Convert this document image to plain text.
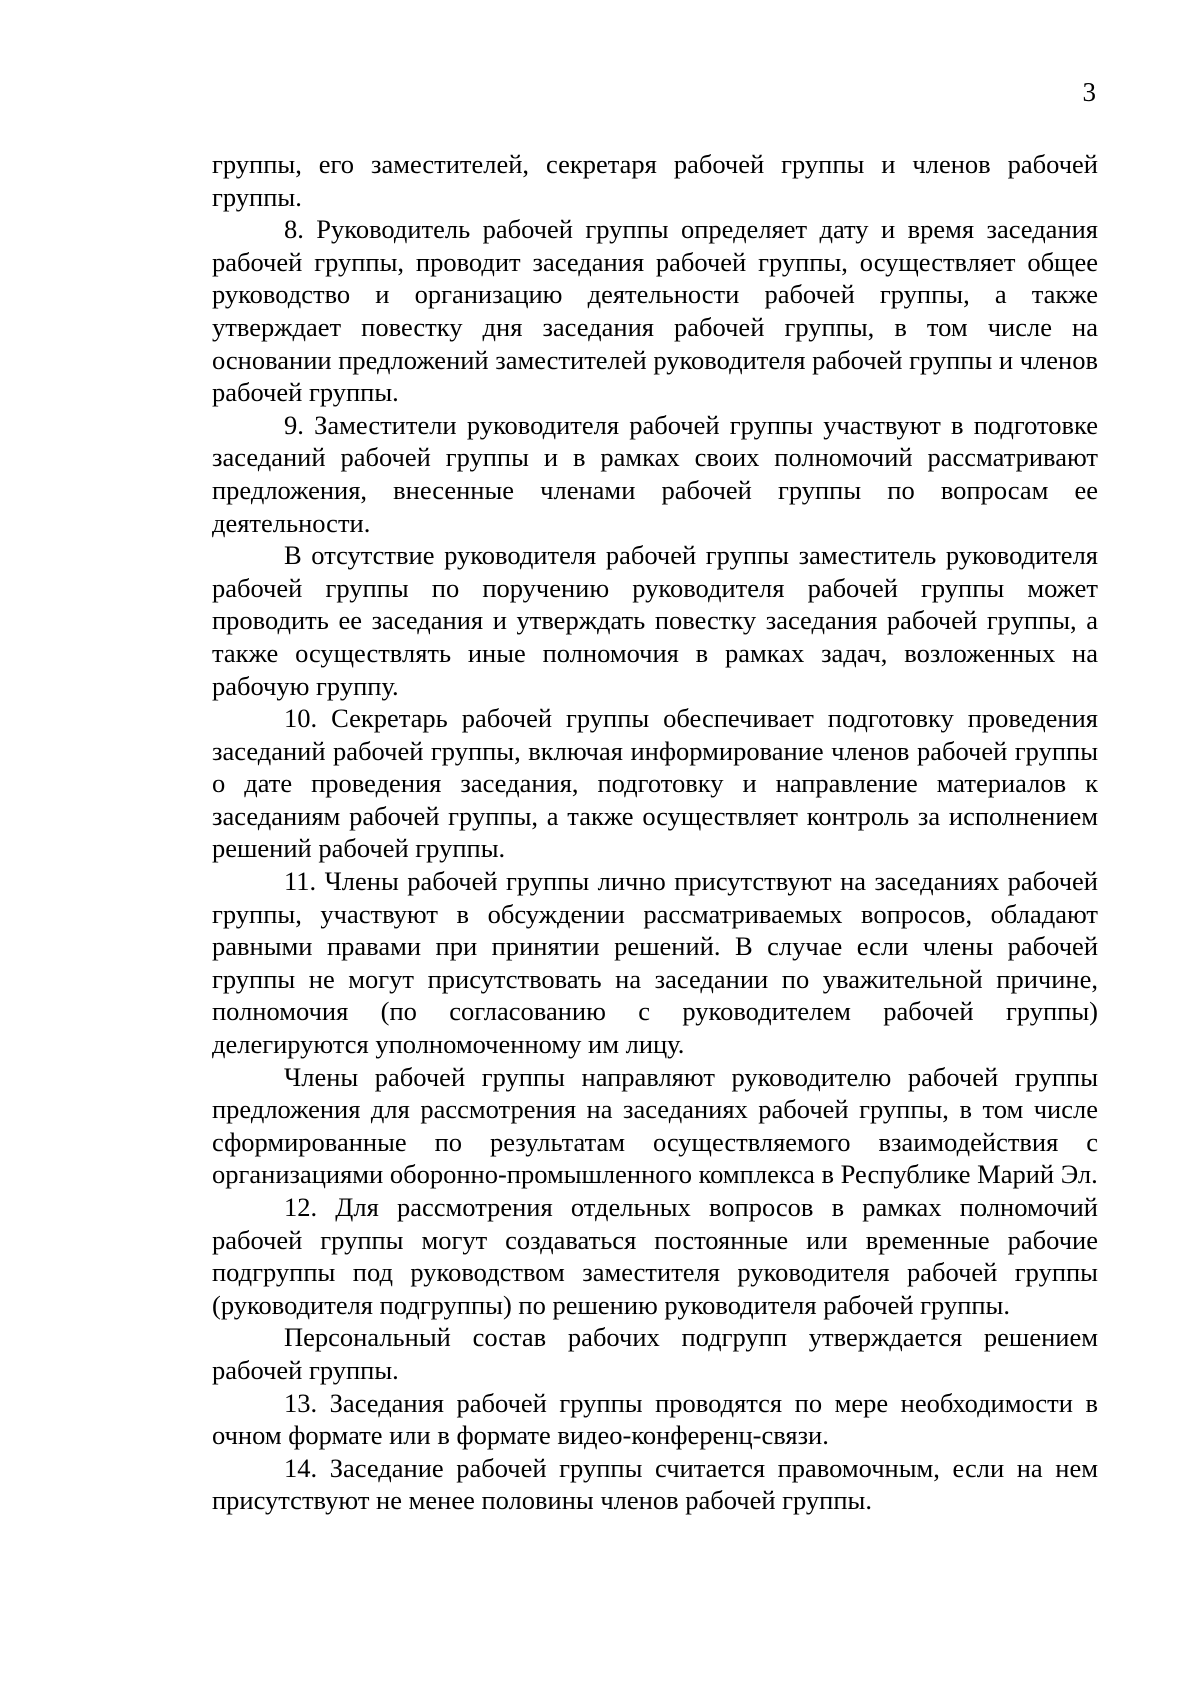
3

группы, его заместителей, секретаря рабочей группы и членов рабочей группы.

8. Руководитель рабочей группы определяет дату и время заседания рабочей группы, проводит заседания рабочей группы, осуществляет общее руководство и организацию деятельности рабочей группы, а также утверждает повестку дня заседания рабочей группы, в том числе на основании предложений заместителей руководителя рабочей группы и членов рабочей группы.

9. Заместители руководителя рабочей группы участвуют в подготовке заседаний рабочей группы и в рамках своих полномочий рассматривают предложения, внесенные членами рабочей группы по вопросам ее деятельности.

В отсутствие руководителя рабочей группы заместитель руководителя рабочей группы по поручению руководителя рабочей группы может проводить ее заседания и утверждать повестку заседания рабочей группы, а также осуществлять иные полномочия в рамках задач, возложенных на рабочую группу.

10. Секретарь рабочей группы обеспечивает подготовку проведения заседаний рабочей группы, включая информирование членов рабочей группы о дате проведения заседания, подготовку и направление материалов к заседаниям рабочей группы, а также осуществляет контроль за исполнением решений рабочей группы.

11. Члены рабочей группы лично присутствуют на заседаниях рабочей группы, участвуют в обсуждении рассматриваемых вопросов, обладают равными правами при принятии решений. В случае если члены рабочей группы не могут присутствовать на заседании по уважительной причине, полномочия (по согласованию с руководителем рабочей группы) делегируются уполномоченному им лицу.

Члены рабочей группы направляют руководителю рабочей группы предложения для рассмотрения на заседаниях рабочей группы, в том числе сформированные по результатам осуществляемого взаимодействия с организациями оборонно-промышленного комплекса в Республике Марий Эл.

12. Для рассмотрения отдельных вопросов в рамках полномочий рабочей группы могут создаваться постоянные или временные рабочие подгруппы под руководством заместителя руководителя рабочей группы (руководителя подгруппы) по решению руководителя рабочей группы.

Персональный состав рабочих подгрупп утверждается решением рабочей группы.

13. Заседания рабочей группы проводятся по мере необходимости в очном формате или в формате видео-конференц-связи.

14. Заседание рабочей группы считается правомочным, если на нем присутствуют не менее половины членов рабочей группы.
